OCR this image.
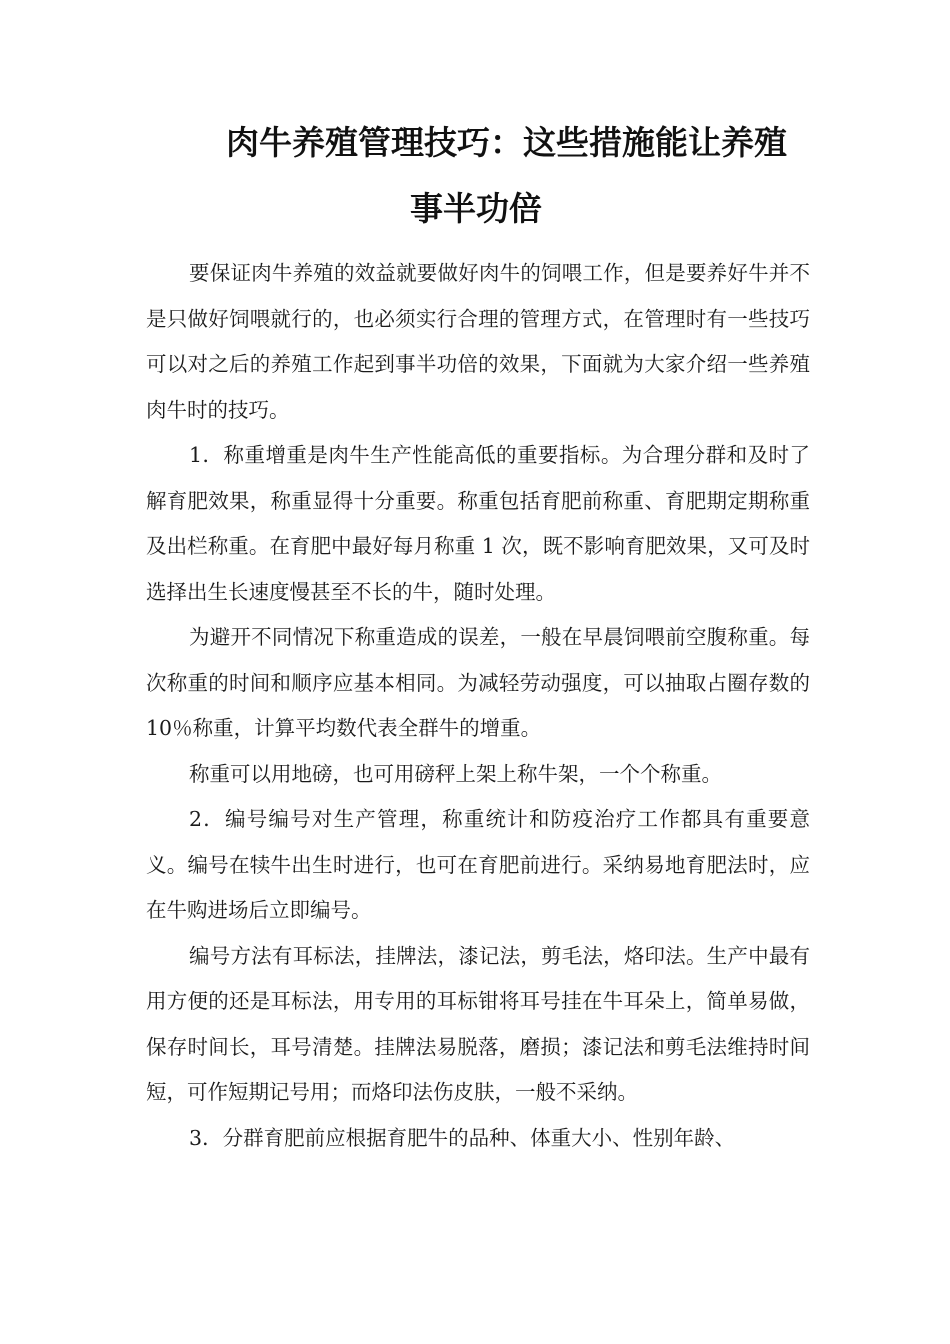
肉牛养殖管理技巧：这些措施能让养殖
事半功倍

要保证肉牛养殖的效益就要做好肉牛的饲喂工作，但是要养好牛并不是只做好饲喂就行的，也必须实行合理的管理方式，在管理时有一些技巧可以对之后的养殖工作起到事半功倍的效果，下面就为大家介绍一些养殖肉牛时的技巧。

1．称重增重是肉牛生产性能高低的重要指标。为合理分群和及时了解育肥效果，称重显得十分重要。称重包括育肥前称重、育肥期定期称重及出栏称重。在育肥中最好每月称重 1 次，既不影响育肥效果，又可及时选择出生长速度慢甚至不长的牛，随时处理。

为避开不同情况下称重造成的误差，一般在早晨饲喂前空腹称重。每次称重的时间和顺序应基本相同。为减轻劳动强度，可以抽取占圈存数的 10％称重，计算平均数代表全群牛的增重。

称重可以用地磅，也可用磅秤上架上称牛架，一个个称重。

2．编号编号对生产管理，称重统计和防疫治疗工作都具有重要意义。编号在犊牛出生时进行，也可在育肥前进行。采纳易地育肥法时，应在牛购进场后立即编号。

编号方法有耳标法，挂牌法，漆记法，剪毛法，烙印法。生产中最有用方便的还是耳标法，用专用的耳标钳将耳号挂在牛耳朵上，简单易做，保存时间长，耳号清楚。挂牌法易脱落，磨损；漆记法和剪毛法维持时间短，可作短期记号用；而烙印法伤皮肤，一般不采纳。

3．分群育肥前应根据育肥牛的品种、体重大小、性别年龄、
